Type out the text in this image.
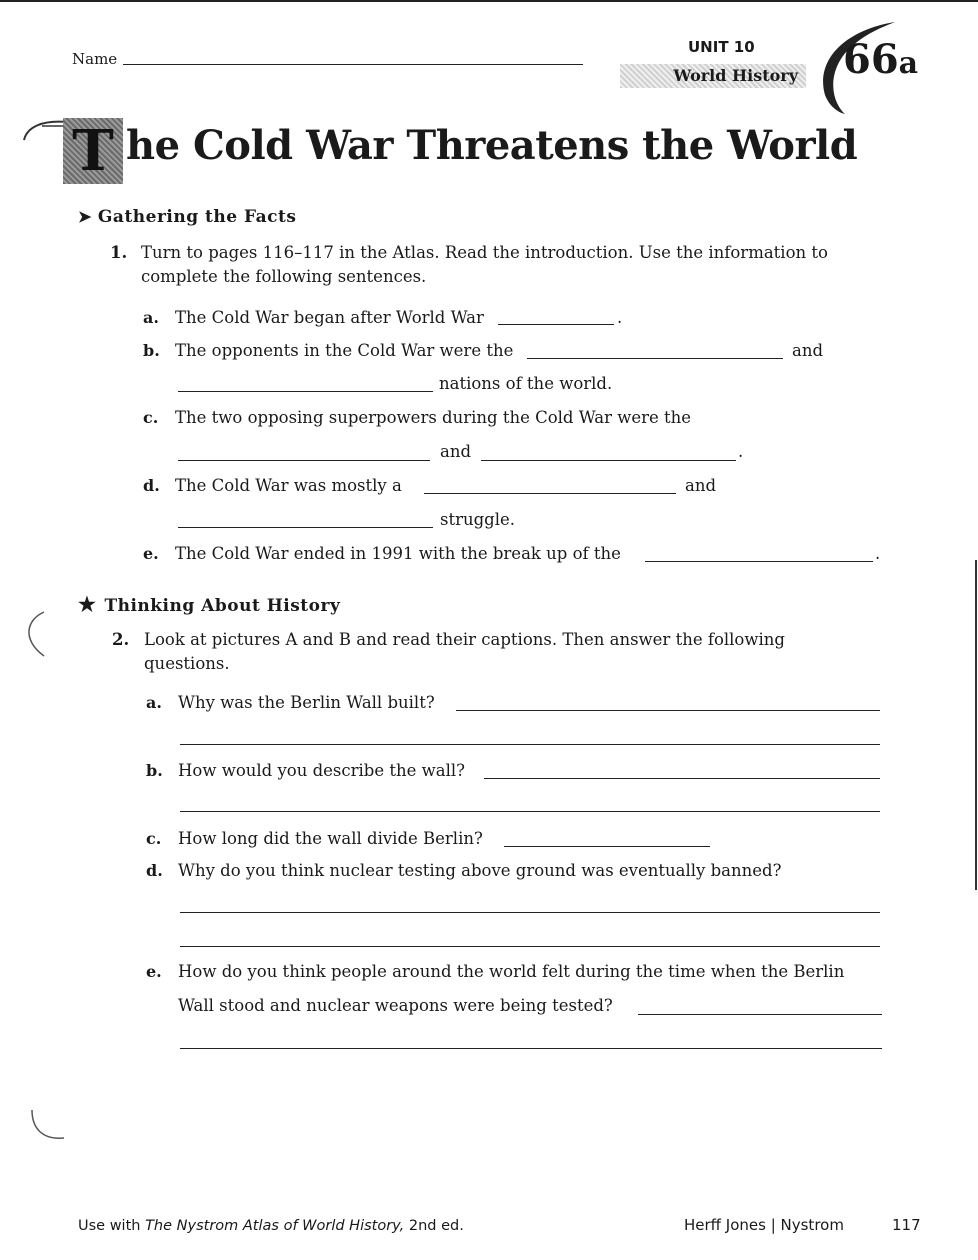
Name
UNIT 10
World History 66a
T he Cold War Threatens the World
➤ Gathering the Facts
1. Turn to pages 116–117 in the Atlas. Read the introduction. Use the information to
complete the following sentences.
a. The Cold War began after World War	.
b. The opponents in the Cold War were the	and
nations of the world.
c. The two opposing superpowers during the Cold War were the
and	.
d. The Cold War was mostly a	and
struggle.
e. The Cold War ended in 1991 with the break up of the	.
★ Thinking About History
2. Look at pictures A and B and read their captions. Then answer the following
questions.
a. Why was the Berlin Wall built?
b. How would you describe the wall?
c. How long did the wall divide Berlin?
d. Why do you think nuclear testing above ground was eventually banned?
e. How do you think people around the world felt during the time when the Berlin
Wall stood and nuclear weapons were being tested?
Use with The Nystrom Atlas of World History, 2nd ed.	Herff Jones | Nystrom	117
